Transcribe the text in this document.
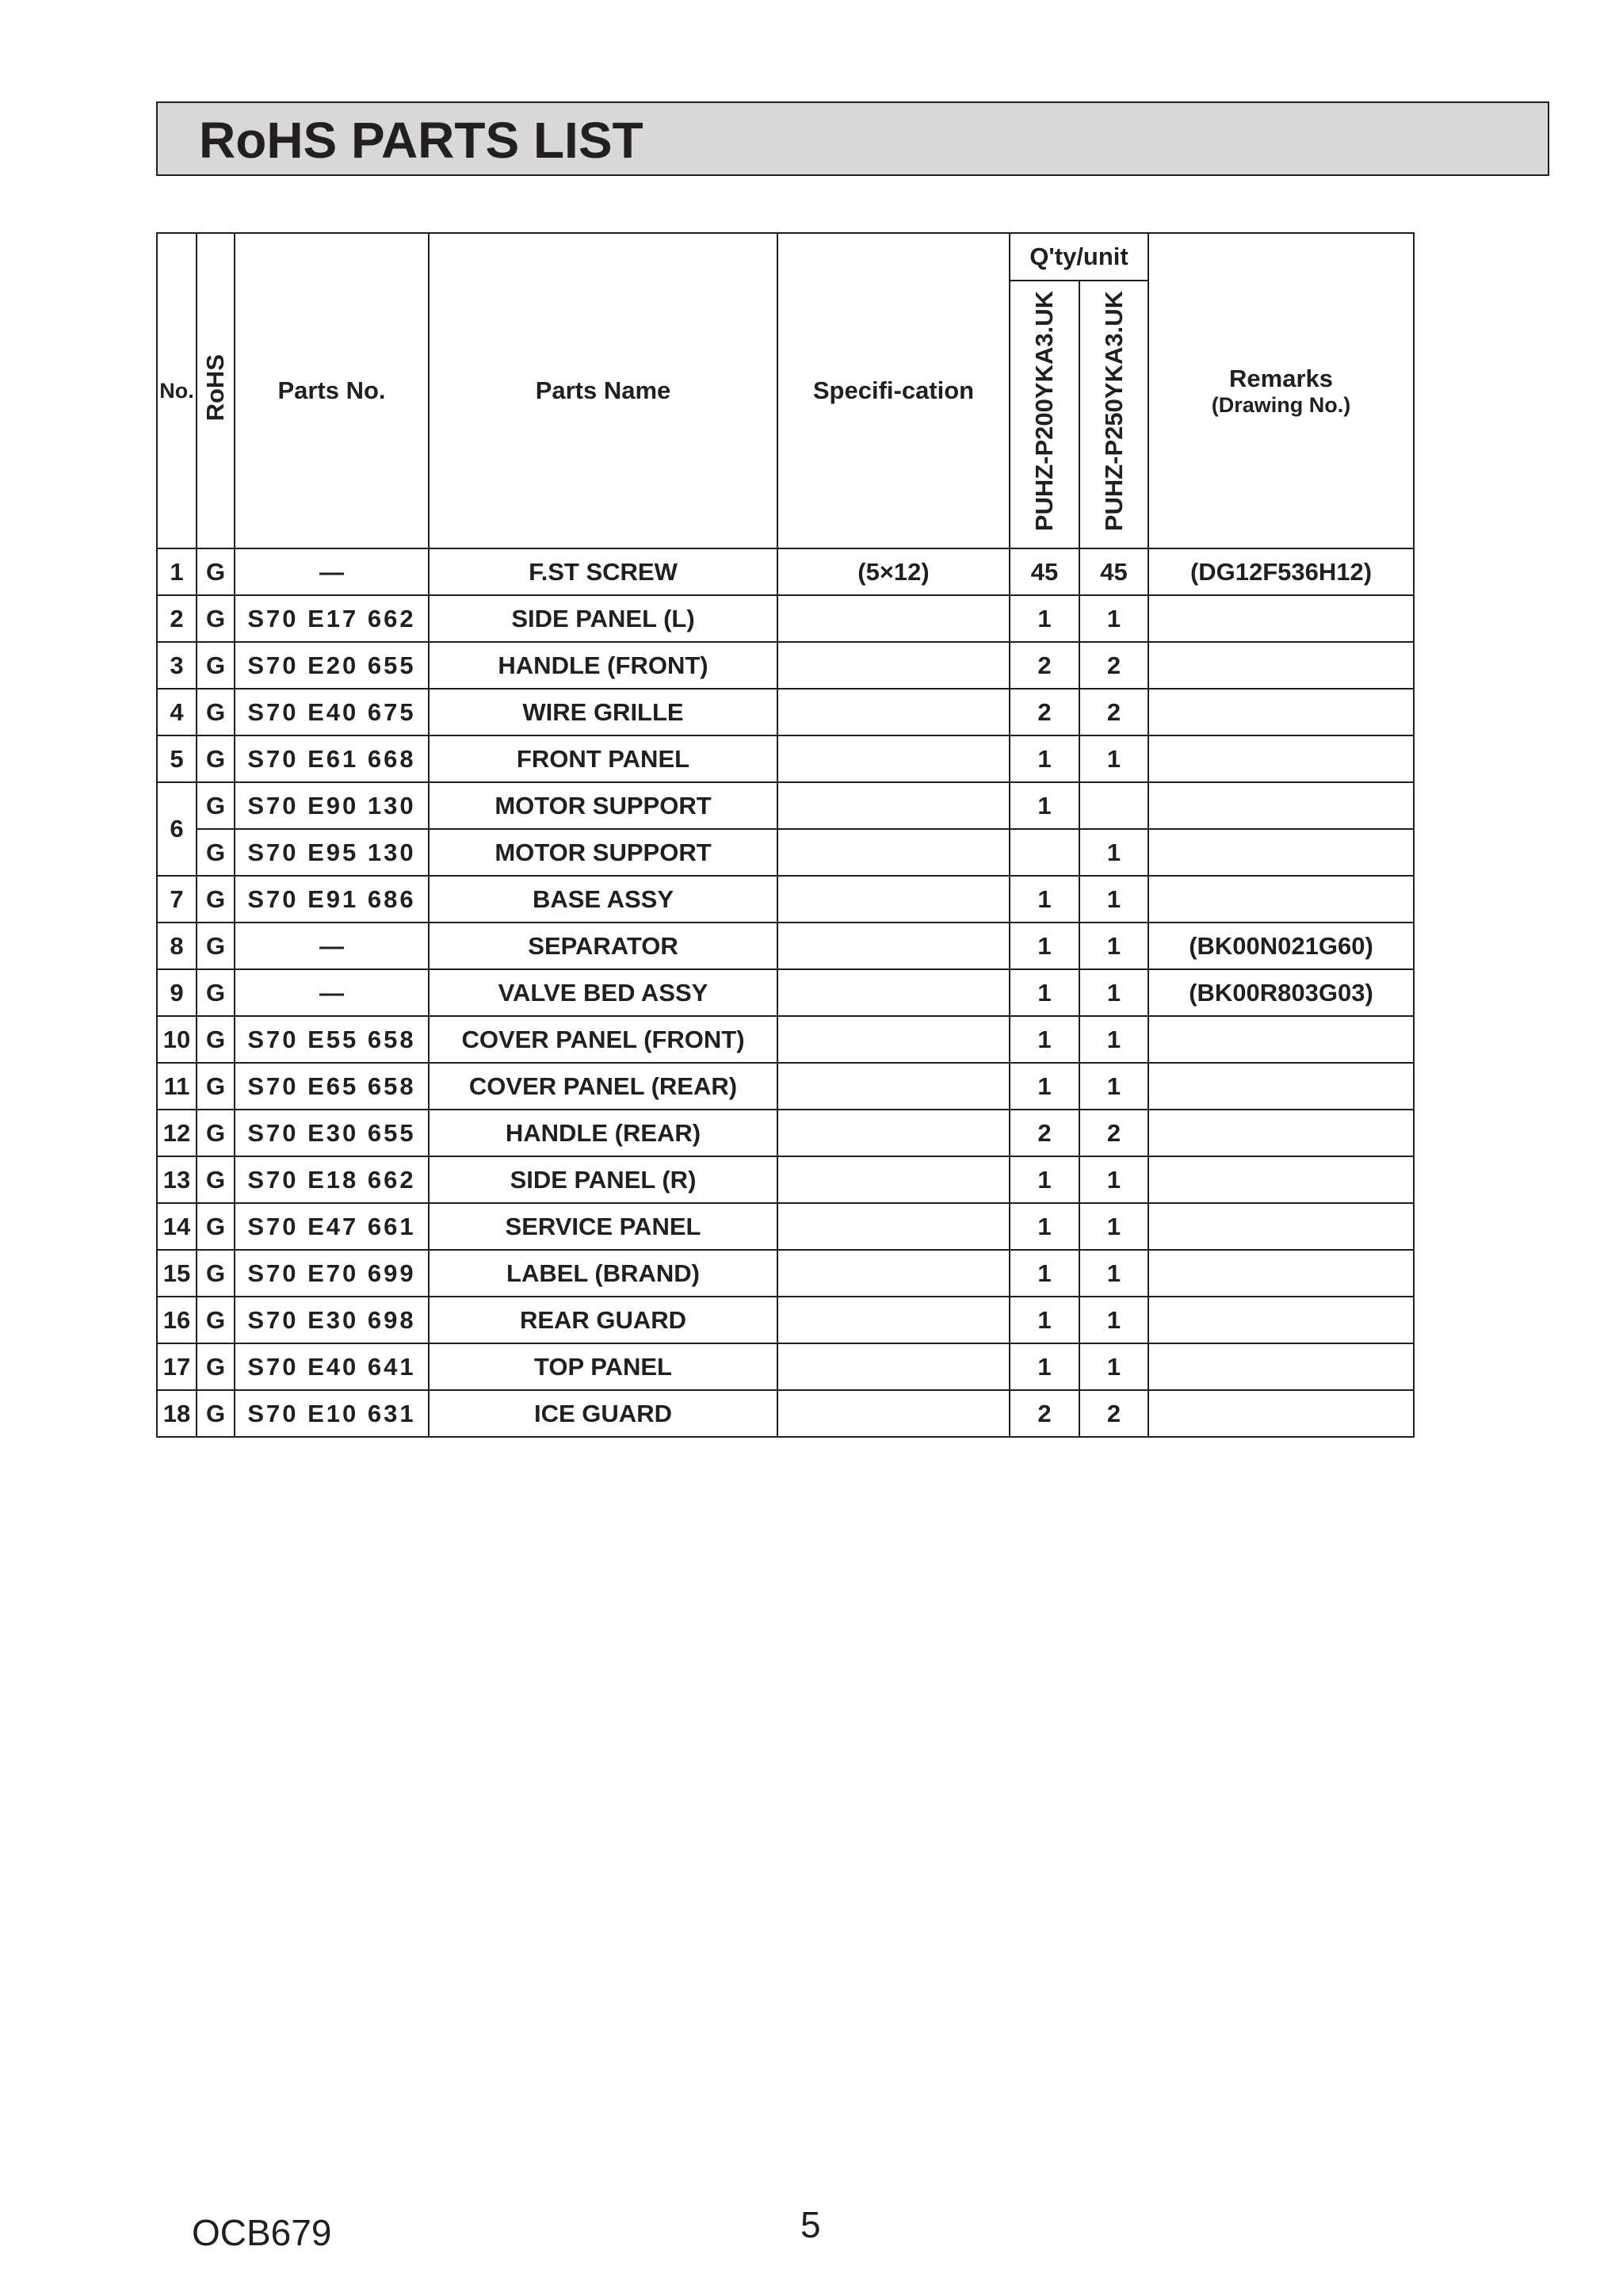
RoHS PARTS LIST
No.	RoHS	Parts No.	Parts Name	Specifi-cation	Q'ty/unit		Remarks
(Drawing No.)

					PUHZ-P200YKA3.UK	PUHZ-P250YKA3.UK	
1	G	—	F.ST SCREW	(5×12)	45	45	(DG12F536H12)
2	G	S70 E17 662	SIDE PANEL (L)		1	1	
3	G	S70 E20 655	HANDLE (FRONT)		2	2	
4	G	S70 E40 675	WIRE GRILLE		2	2	
5	G	S70 E61 668	FRONT PANEL		1	1	
6	G	S70 E90 130	MOTOR SUPPORT		1		
	G	S70 E95 130	MOTOR SUPPORT			1	
7	G	S70 E91 686	BASE ASSY		1	1	
8	G	—	SEPARATOR		1	1	(BK00N021G60)
9	G	—	VALVE BED ASSY		1	1	(BK00R803G03)
10	G	S70 E55 658	COVER PANEL (FRONT)		1	1	
11	G	S70 E65 658	COVER PANEL (REAR)		1	1	
12	G	S70 E30 655	HANDLE (REAR)		2	2	
13	G	S70 E18 662	SIDE PANEL (R)		1	1	
14	G	S70 E47 661	SERVICE PANEL		1	1	
15	G	S70 E70 699	LABEL (BRAND)		1	1	
16	G	S70 E30 698	REAR GUARD		1	1	
17	G	S70 E40 641	TOP PANEL		1	1	
18	G	S70 E10 631	ICE GUARD		2	2	
OCB679	5
